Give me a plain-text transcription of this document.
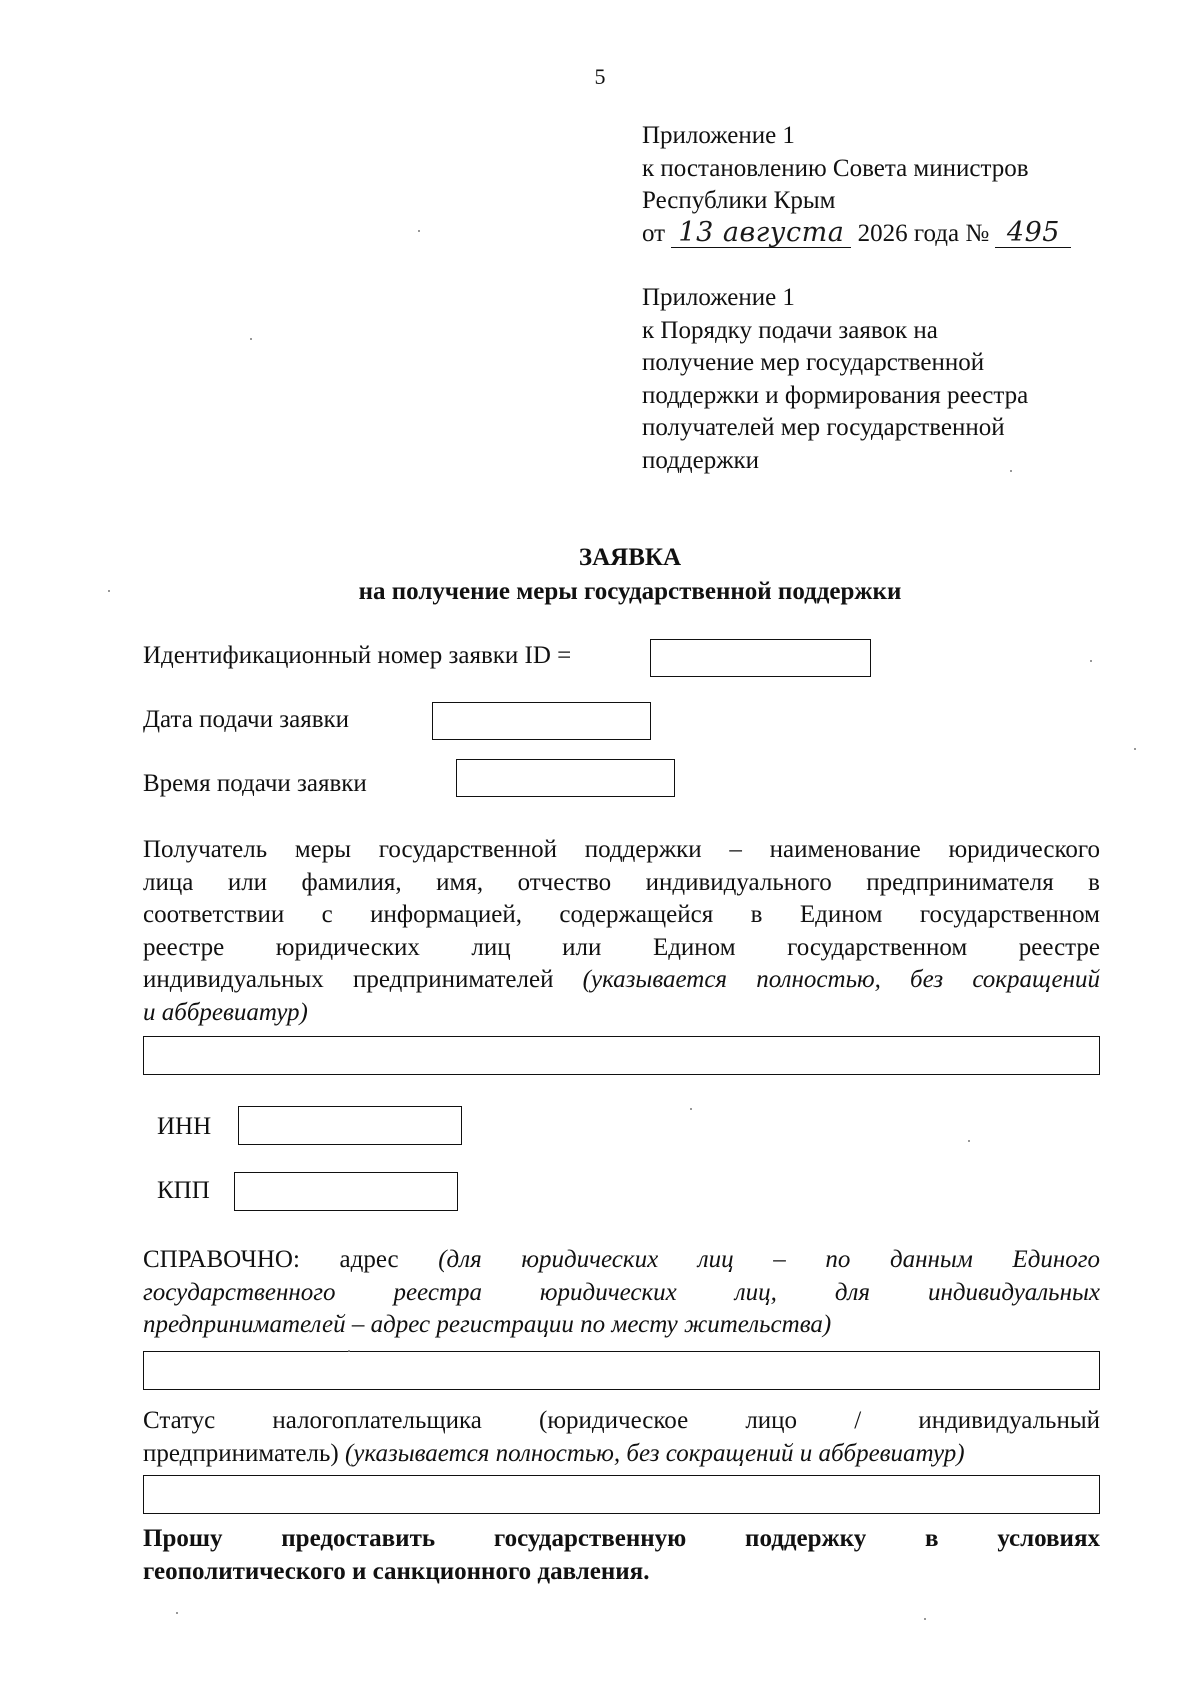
5
Приложение 1
к постановлению Совета министров
Республики Крым
от 13 августа 2026 года № 495
Приложение 1
к Порядку подачи заявок на
получение мер государственной
поддержки и формирования реестра
получателей мер государственной
поддержки
ЗАЯВКА
на получение меры государственной поддержки
Идентификационный номер заявки ID =
Дата подачи заявки
Время подачи заявки
Получатель меры государственной поддержки – наименование юридического
лица или фамилия, имя, отчество индивидуального предпринимателя в
соответствии с информацией, содержащейся в Едином государственном
реестре юридических лиц или Едином государственном реестре
индивидуальных предпринимателей (указывается полностью, без сокращений
и аббревиатур)
ИНН
КПП
СПРАВОЧНО: адрес (для юридических лиц – по данным Единого
государственного реестра юридических лиц, для индивидуальных
предпринимателей – адрес регистрации по месту жительства)
Статус налогоплательщика (юридическое лицо / индивидуальный
предприниматель) (указывается полностью, без сокращений и аббревиатур)
Прошу предоставить государственную поддержку в условиях
геополитического и санкционного давления.
